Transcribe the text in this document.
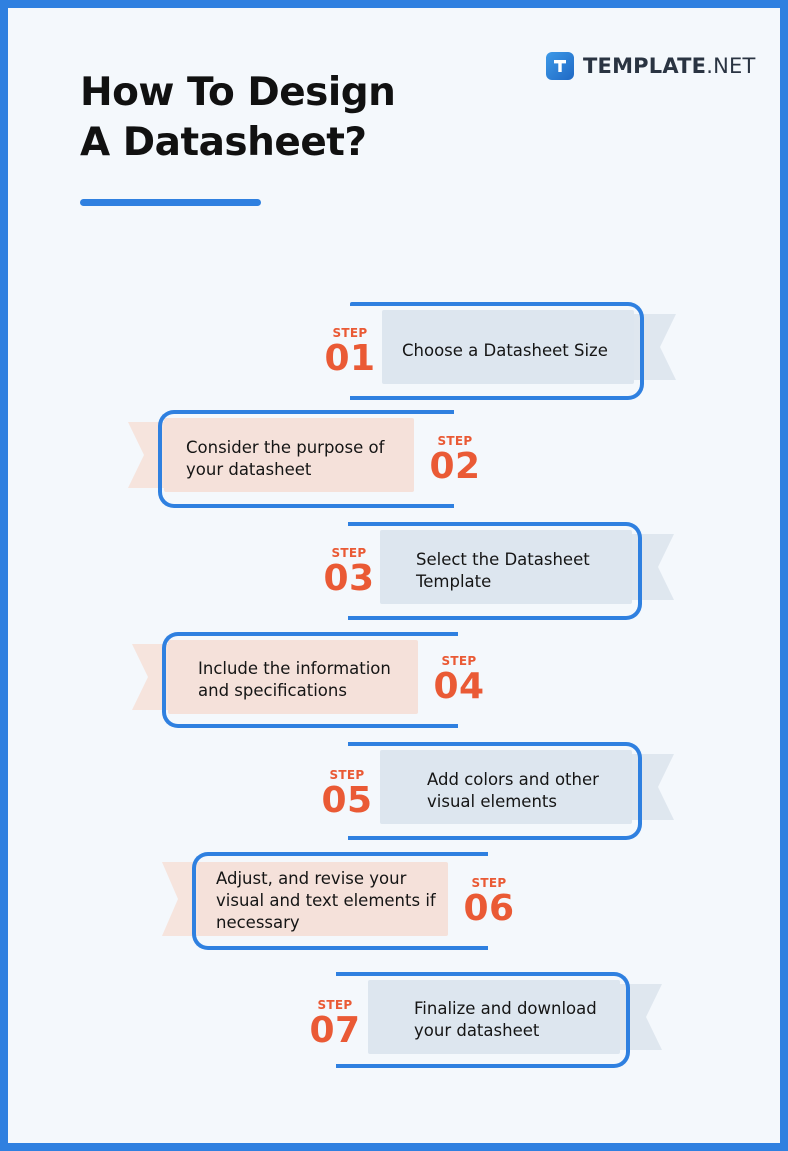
How To Design
A Datasheet?
TEMPLATE.NET
Choose a Datasheet Size
STEP
01
Consider the purpose of your datasheet
STEP
02
Select the Datasheet Template
STEP
03
Include the information and specifications
STEP
04
Add colors and other visual elements
STEP
05
Adjust, and revise your visual and text elements if necessary
STEP
06
Finalize and download your datasheet
STEP
07
